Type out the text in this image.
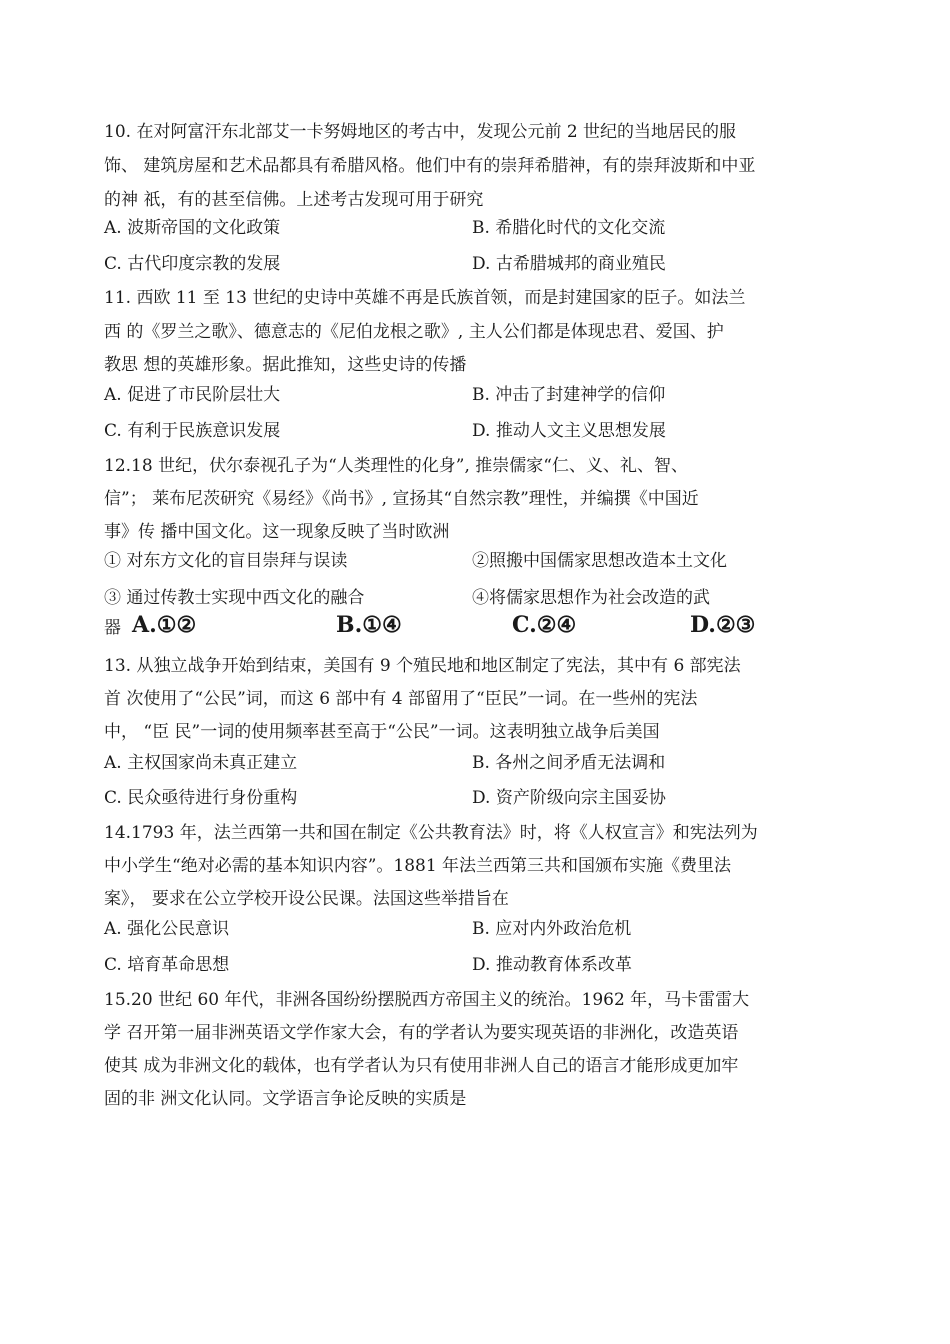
10. 在对阿富汗东北部艾一卡努姆地区的考古中，发现公元前 2 世纪的当地居民的服
饰、 建筑房屋和艺术品都具有希腊风格。他们中有的崇拜希腊神，有的崇拜波斯和中亚
的神 祇，有的甚至信佛。上述考古发现可用于研究
A. 波斯帝国的文化政策	B. 希腊化时代的文化交流
C. 古代印度宗教的发展	D. 古希腊城邦的商业殖民
11. 西欧 11 至 13 世纪的史诗中英雄不再是氏族首领，而是封建国家的臣子。如法兰
西 的《罗兰之歌》、德意志的《尼伯龙根之歌》, 主人公们都是体现忠君、爱国、护
教思 想的英雄形象。据此推知，这些史诗的传播
A. 促进了市民阶层壮大	B. 冲击了封建神学的信仰
C. 有利于民族意识发展	D. 推动人文主义思想发展
12.18 世纪，伏尔泰视孔子为“人类理性的化身”, 推崇儒家“仁、义、礼、智、
信”； 莱布尼茨研究《易经》《尚书》, 宣扬其“自然宗教”理性，并编撰《中国近
事》传 播中国文化。这一现象反映了当时欧洲
① 对东方文化的盲目崇拜与误读	②照搬中国儒家思想改造本土文化
③ 通过传教士实现中西文化的融合	④将儒家思想作为社会改造的武
器 A.①②	B.①④	C.②④	D.②③
13. 从独立战争开始到结束，美国有 9 个殖民地和地区制定了宪法，其中有 6 部宪法
首 次使用了“公民”词，而这 6 部中有 4 部留用了“臣民”一词。在一些州的宪法
中， “臣 民”一词的使用频率甚至高于“公民”一词。这表明独立战争后美国
A. 主权国家尚未真正建立	B. 各州之间矛盾无法调和
C. 民众亟待进行身份重构	D. 资产阶级向宗主国妥协
14.1793 年，法兰西第一共和国在制定《公共教育法》时，将《人权宣言》和宪法列为
中小学生“绝对必需的基本知识内容”。1881 年法兰西第三共和国颁布实施《费里法
案》， 要求在公立学校开设公民课。法国这些举措旨在
A. 强化公民意识	B. 应对内外政治危机
C. 培育革命思想	D. 推动教育体系改革
15.20 世纪 60 年代，非洲各国纷纷摆脱西方帝国主义的统治。1962 年，马卡雷雷大
学 召开第一届非洲英语文学作家大会，有的学者认为要实现英语的非洲化，改造英语
使其 成为非洲文化的载体，也有学者认为只有使用非洲人自己的语言才能形成更加牢
固的非 洲文化认同。文学语言争论反映的实质是
